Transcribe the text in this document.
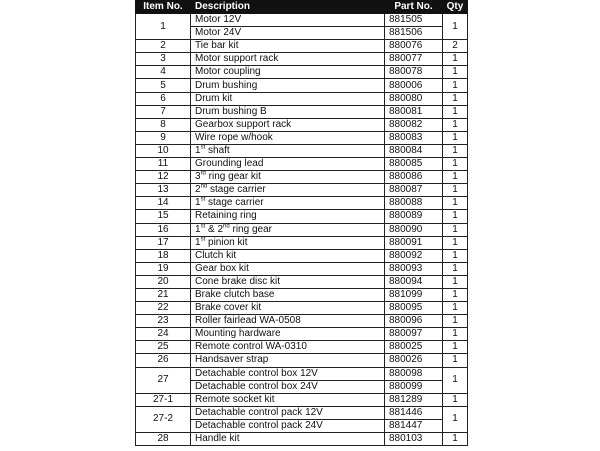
Item No.	Description	Part No.	Qty
1	Motor 12V	881505	1
	Motor 24V	881506	
2	Tie bar kit	880076	2
3	Motor support rack	880077	1
4	Motor coupling	880078	1
5	Drum bushing	880006	1
6	Drum kit	880080	1
7	Drum bushing B	880081	1
8	Gearbox support rack	880082	1
9	Wire rope w/hook	880083	1
10	1st shaft	880084	1
11	Grounding lead	880085	1
12	3rd ring gear kit	880086	1
13	2nd stage carrier	880087	1
14	1st stage carrier	880088	1
15	Retaining ring	880089	1
16	1st & 2nd ring gear	880090	1
17	1st pinion kit	880091	1
18	Clutch kit	880092	1
19	Gear box kit	880093	1
20	Cone brake disc kit	880094	1
21	Brake clutch base	881099	1
22	Brake cover kit	880095	1
23	Roller fairlead WA-0508	880096	1
24	Mounting hardware	880097	1
25	Remote control WA-0310	880025	1
26	Handsaver strap	880026	1
27	Detachable control box 12V	880098	1
	Detachable control box 24V	880099	
27-1	Remote socket kit	881289	1
27-2	Detachable control pack 12V	881446	1
	Detachable control pack 24V	881447	
28	Handle kit	880103	1
